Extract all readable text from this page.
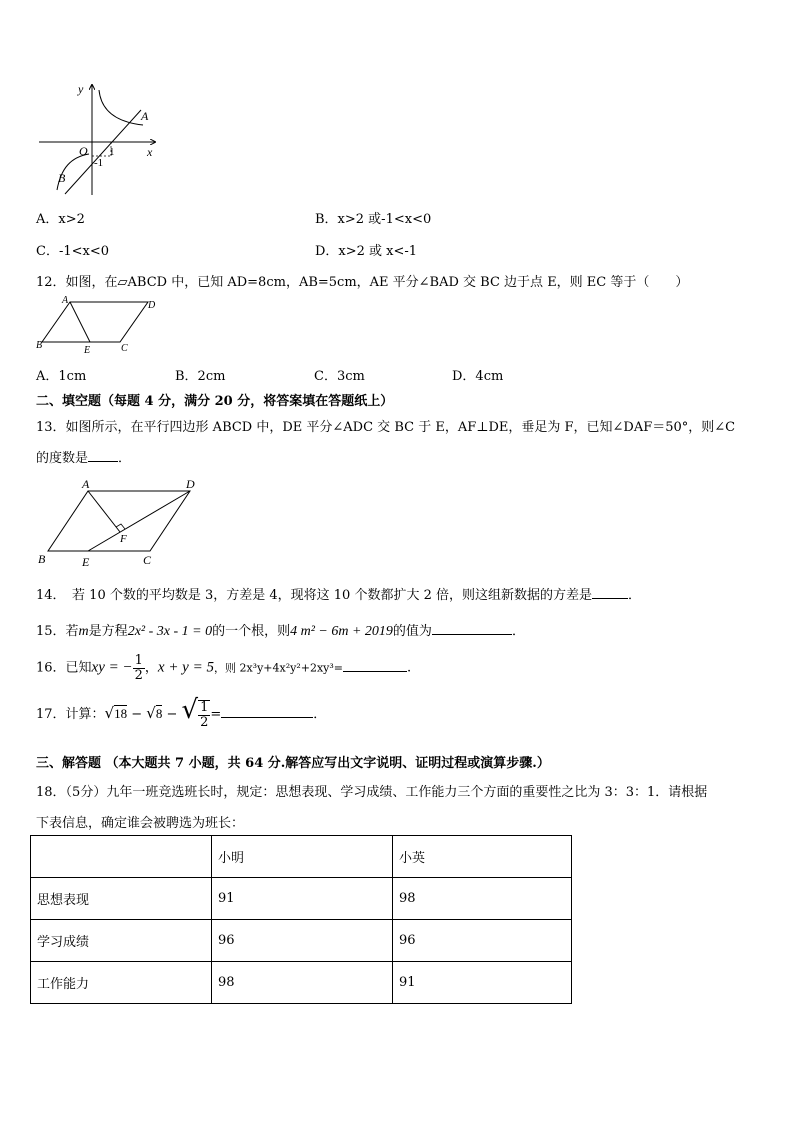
y
x
O 1
-1
A
B
A．x>2	B．x>2 或-1<x<0
C．-1<x<0	D．x>2 或 x<-1
12．如图，在▱ABCD 中，已知 AD=8cm，AB=5cm，AE 平分∠BAD 交 BC 边于点 E，则 EC 等于（　　）
A	D
B	E	C
A．1cm	B．2cm	C．3cm	D．4cm
二、填空题（每题 4 分，满分 20 分，将答案填在答题纸上）
13．如图所示，在平行四边形 ABCD 中，DE 平分∠ADC 交 BC 于 E，AF⊥DE，垂足为 F，已知∠DAF＝50°，则∠C
的度数是 ．
A	D
F
B	E	C
14．　若 10 个数的平均数是 3，方差是 4，现将这 10 个数都扩大 2 倍，则这组新数据的方差是	．
15．若m是方程2x² - 3x - 1 = 0的一个根，则4 m² − 6m + 2019的值为	．
16．已知xy = − $\frac{1}{2}$ ，x + y = 5，则 2x³y+4x²y²+2xy³=	.
17．计算：√18 − √8 − √ $\frac{1}{2}$ =	．
三、解答题 （本大题共 7 小题，共 64 分.解答应写出文字说明、证明过程或演算步骤.）
18．（5分）九年一班竞选班长时，规定：思想表现、学习成绩、工作能力三个方面的重要性之比为 3：3：1．请根据
下表信息，确定谁会被聘选为班长：
	小明	小英
思想表现	91	98
学习成绩	96	96
工作能力	98	91
